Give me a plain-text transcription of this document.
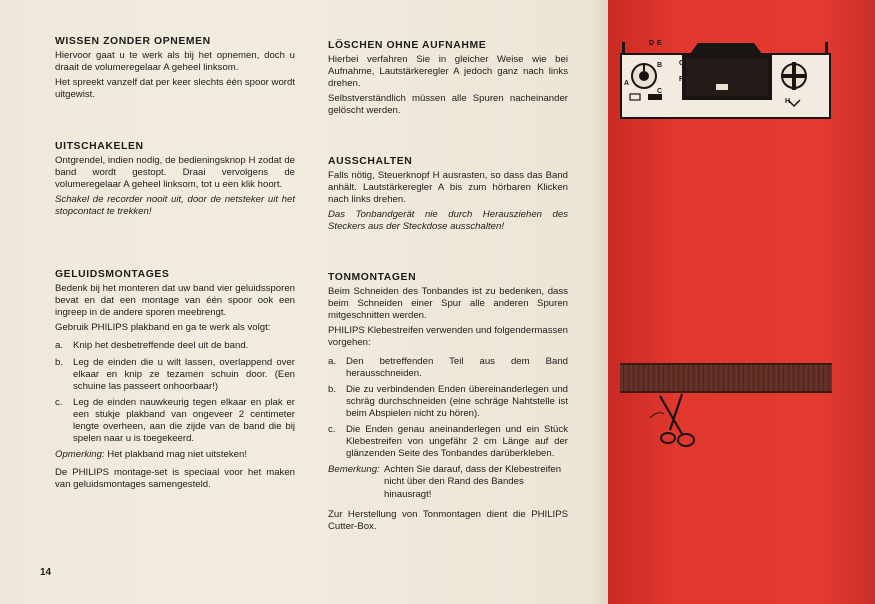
WISSEN ZONDER OPNEMEN
Hiervoor gaat u te werk als bij het opnemen, doch u draait de volumeregelaar A geheel linksom.
Het spreekt vanzelf dat per keer slechts één spoor wordt uitgewist.
UITSCHAKELEN
Ontgrendel, indien nodig, de bedieningsknop H zodat de band wordt gestopt. Draai vervolgens de volumeregelaar A geheel linksom, tot u een klik hoort.
Schakel de recorder nooit uit, door de netsteker uit het stopcontact te trekken!
GELUIDSMONTAGES
Bedenk bij het monteren dat uw band vier geluidssporen bevat en dat een montage van één spoor ook een ingreep in de andere sporen meebrengt.
Gebruik PHILIPS plakband en ga te werk als volgt:
a.	Knip het desbetreffende deel uit de band.
b.	Leg de einden die u wilt lassen, overlappend over elkaar en knip ze tezamen schuin door. (Een schuine las passeert onhoorbaar!)
c.	Leg de einden nauwkeurig tegen elkaar en plak er een stukje plakband van ongeveer 2 centimeter lengte overheen, aan die zijde van de band die bij spelen naar u is toegekeerd.
Opmerking: Het plakband mag niet uitsteken!
De PHILIPS montage-set is speciaal voor het maken van geluidsmontages samengesteld.
LÖSCHEN OHNE AUFNAHME
Hierbei verfahren Sie in gleicher Weise wie bei Aufnahme, Lautstärkeregler A jedoch ganz nach links drehen.
Selbstverständlich müssen alle Spuren nacheinander gelöscht werden.
AUSSCHALTEN
Falls nötig, Steuerknopf H ausrasten, so dass das Band anhält. Lautstärkeregler A bis zum hörbaren Klicken nach links drehen.
Das Tonbandgerät nie durch Herausziehen des Steckers aus der Steckdose ausschalten!
TONMONTAGEN
Beim Schneiden des Tonbandes ist zu bedenken, dass beim Schneiden einer Spur alle anderen Spuren mitgeschnitten werden.
PHILIPS Klebestreifen verwenden und folgendermassen vorgehen:
a.	Den betreffenden Teil aus dem Band herausschneiden.
b.	Die zu verbindenden Enden übereinanderlegen und schräg durchschneiden (eine schräge Nahtstelle ist beim Abspielen nicht zu hören).
c.	Die Enden genau aneinanderlegen und ein Stück Klebestreifen von ungefähr 2 cm Länge auf der glänzenden Seite des Tonbandes darüberkleben.
Bemerkung: Achten Sie darauf, dass der Klebestreifen nicht über den Rand des Bandes hinausragt!
Zur Herstellung von Tonmontagen dient die PHILIPS Cutter-Box.
14
D E
A
B
C
F
G
H
